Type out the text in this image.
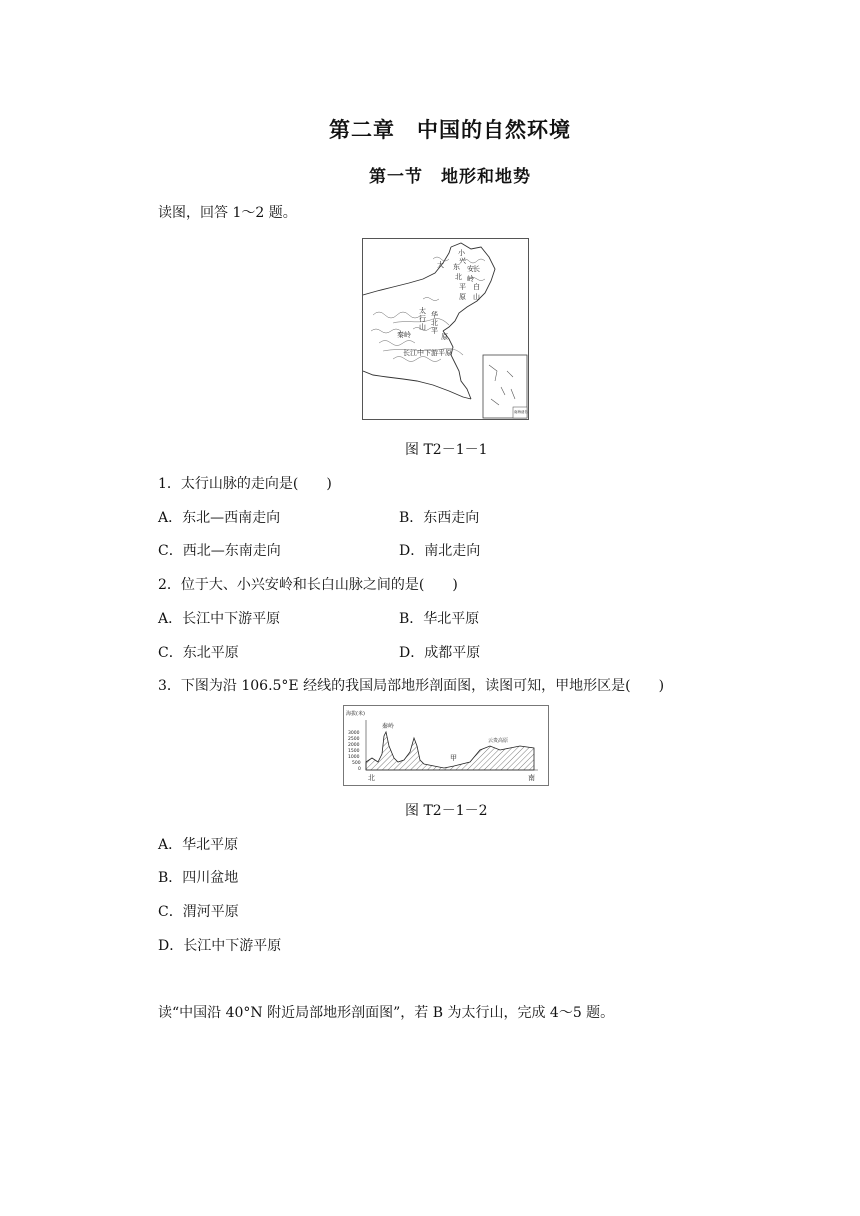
第二章　中国的自然环境
第一节　地形和地势
读图，回答 1～2 题。
小
兴
安
东
北 岭
大
平
长
白
原 山
太 华
行 北
山 平
秦岭	原
长江中下游平原
南海诸岛
图 T2－1－1
1．太行山脉的走向是(　　)
A．东北—西南走向	B．东西走向
C．西北—东南走向	D．南北走向
2．位于大、小兴安岭和长白山脉之间的是(　　)
A．长江中下游平原	B．华北平原
C．东北平原	D．成都平原
3．下图为沿 106.5°E 经线的我国局部地形剖面图，读图可知，甲地形区是(　　)
海拔(米)
3000
2500
2000
1500
1000
500
0
秦岭
甲
云贵高原
北	南
图 T2－1－2
A．华北平原
B．四川盆地
C．渭河平原
D．长江中下游平原
读“中国沿 40°N 附近局部地形剖面图”，若 B 为太行山，完成 4～5 题。
